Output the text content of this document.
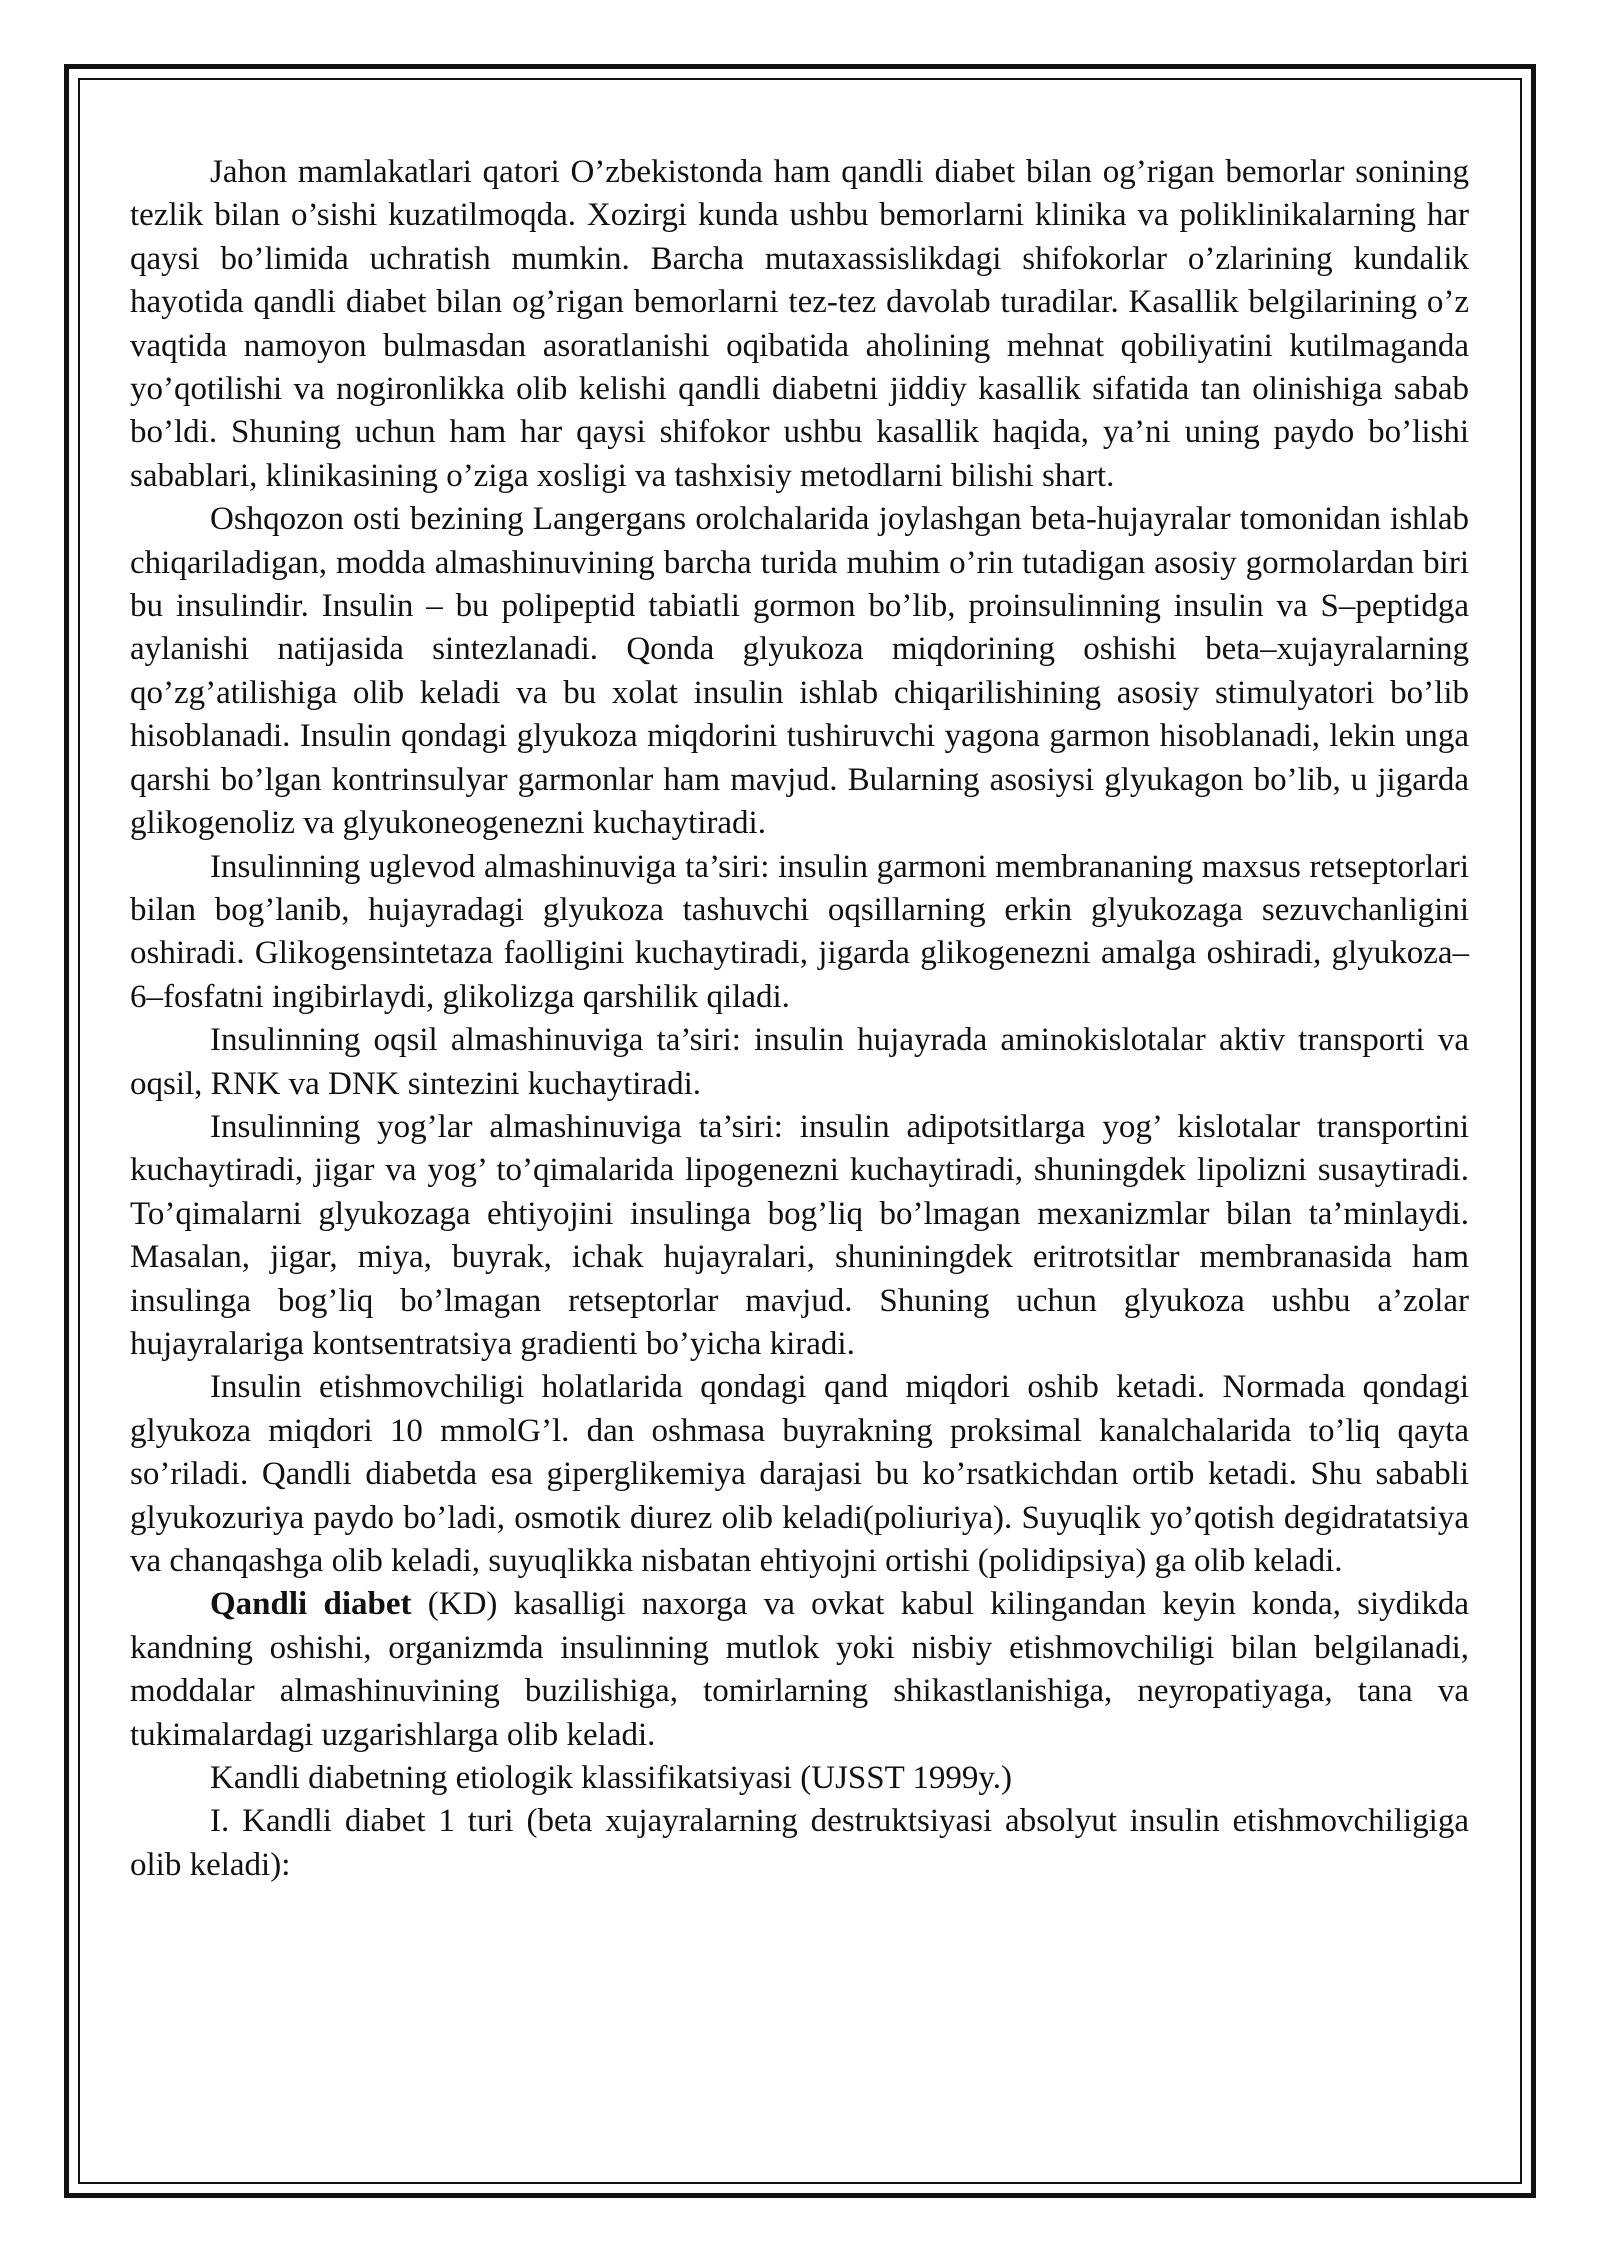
Jahon mamlakatlari qatori O’zbekistonda ham qandli diabet bilan og’rigan bemorlar sonining tezlik bilan o’sishi kuzatilmoqda. Xozirgi kunda ushbu bemorlarni klinika va poliklinikalarning har qaysi bo’limida uchratish mumkin. Barcha mutaxassislikdagi shifokorlar o’zlarining kundalik hayotida qandli diabet bilan og’rigan bemorlarni tez-tez davolab turadilar. Kasallik belgilarining o’z vaqtida namoyon bulmasdan asoratlanishi oqibatida aholining mehnat qobiliyatini kutilmaganda yo’qotilishi va nogironlikka olib kelishi qandli diabetni jiddiy kasallik sifatida tan olinishiga sabab bo’ldi. Shuning uchun ham har qaysi shifokor ushbu kasallik haqida, ya’ni uning paydo bo’lishi sabablari, klinikasining o’ziga xosligi va tashxisiy metodlarni bilishi shart.

Oshqozon osti bezining Langergans orolchalarida joylashgan beta-hujayralar tomonidan ishlab chiqariladigan, modda almashinuvining barcha turida muhim o’rin tutadigan asosiy gormolardan biri bu insulindir. Insulin – bu polipeptid tabiatli gormon bo’lib, proinsulinning insulin va S–peptidga aylanishi natijasida sintezlanadi. Qonda glyukoza miqdorining oshishi beta–xujayralarning qo’zg’atilishiga olib keladi va bu xolat insulin ishlab chiqarilishining asosiy stimulyatori bo’lib hisoblanadi. Insulin qondagi glyukoza miqdorini tushiruvchi yagona garmon hisoblanadi, lekin unga qarshi bo’lgan kontrinsulyar garmonlar ham mavjud. Bularning asosiysi glyukagon bo’lib, u jigarda glikogenoliz va glyukoneogenezni kuchaytiradi.

Insulinning uglevod almashinuviga ta’siri: insulin garmoni membrananing maxsus retseptorlari bilan bog’lanib, hujayradagi glyukoza tashuvchi oqsillarning erkin glyukozaga sezuvchanligini oshiradi. Glikogensintetaza faolligini kuchaytiradi, jigarda glikogenezni amalga oshiradi, glyukoza–6–fosfatni ingibirlaydi, glikolizga qarshilik qiladi.

Insulinning oqsil almashinuviga ta’siri: insulin hujayrada aminokislotalar aktiv transporti va oqsil, RNK va DNK sintezini kuchaytiradi.

Insulinning yog’lar almashinuviga ta’siri: insulin adipotsitlarga yog’ kislotalar transportini kuchaytiradi, jigar va yog’ to’qimalarida lipogenezni kuchaytiradi, shuningdek lipolizni susaytiradi. To’qimalarni glyukozaga ehtiyojini insulinga bog’liq bo’lmagan mexanizmlar bilan ta’minlaydi. Masalan, jigar, miya, buyrak, ichak hujayralari, shuniningdek eritrotsitlar membranasida ham insulinga bog’liq bo’lmagan retseptorlar mavjud. Shuning uchun glyukoza ushbu a’zolar hujayralariga kontsentratsiya gradienti bo’yicha kiradi.

Insulin etishmovchiligi holatlarida qondagi qand miqdori oshib ketadi. Normada qondagi glyukoza miqdori 10 mmolG’l. dan oshmasa buyrakning proksimal kanalchalarida to’liq qayta so’riladi. Qandli diabetda esa giperglikemiya darajasi bu ko’rsatkichdan ortib ketadi. Shu sababli glyukozuriya paydo bo’ladi, osmotik diurez olib keladi(poliuriya). Suyuqlik yo’qotish degidratatsiya va chanqashga olib keladi, suyuqlikka nisbatan ehtiyojni ortishi (polidipsiya) ga olib keladi.

Qandli diabet (KD) kasalligi naxorga va ovkat kabul kilingandan keyin konda, siydikda kandning oshishi, organizmda insulinning mutlok yoki nisbiy etishmovchiligi bilan belgilanadi, moddalar almashinuvining buzilishiga, tomirlarning shikastlanishiga, neyropatiyaga, tana va tukimalardagi uzgarishlarga olib keladi.

Kandli diabetning etiologik klassifikatsiyasi (UJSST 1999y.)

I. Kandli diabet 1 turi (beta xujayralarning destruktsiyasi absolyut insulin etishmovchiligiga olib keladi):
